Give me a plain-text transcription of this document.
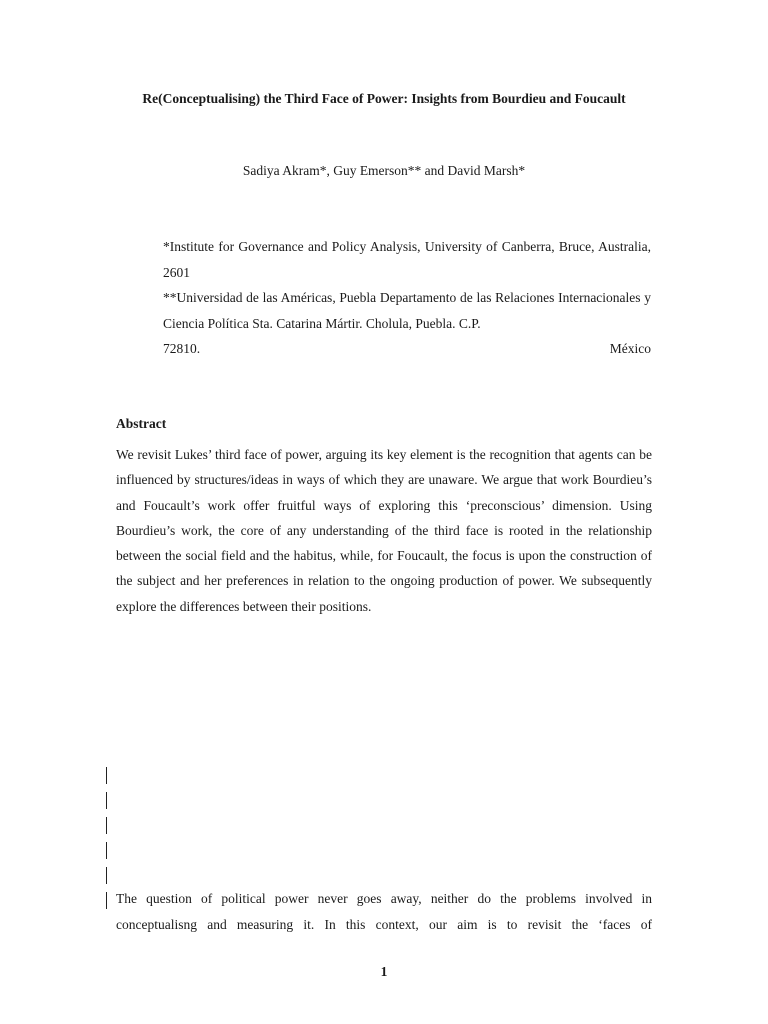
Re(Conceptualising) the Third Face of Power: Insights from Bourdieu and Foucault
Sadiya Akram*, Guy Emerson** and David Marsh*

*Institute for Governance and Policy Analysis, University of Canberra, Bruce, Australia, 2601

**Universidad de las Américas, Puebla Departamento de las Relaciones Internacionales y Ciencia Política Sta. Catarina Mártir. Cholula, Puebla. C.P.

72810.	México
Abstract

We revisit Lukes’ third face of power, arguing its key element is the recognition that agents can be influenced by structures/ideas in ways of which they are unaware. We argue that work Bourdieu’s and Foucault’s work offer fruitful ways of exploring this ‘preconscious’ dimension. Using Bourdieu’s work, the core of any understanding of the third face is rooted in the relationship between the social field and the habitus, while, for Foucault, the focus is upon the construction of the subject and her preferences in relation to the ongoing production of power. We subsequently explore the differences between their positions.

The question of political power never goes away, neither do the problems involved in

conceptualisng and measuring it. In this context, our aim is to revisit the ‘faces of

1
